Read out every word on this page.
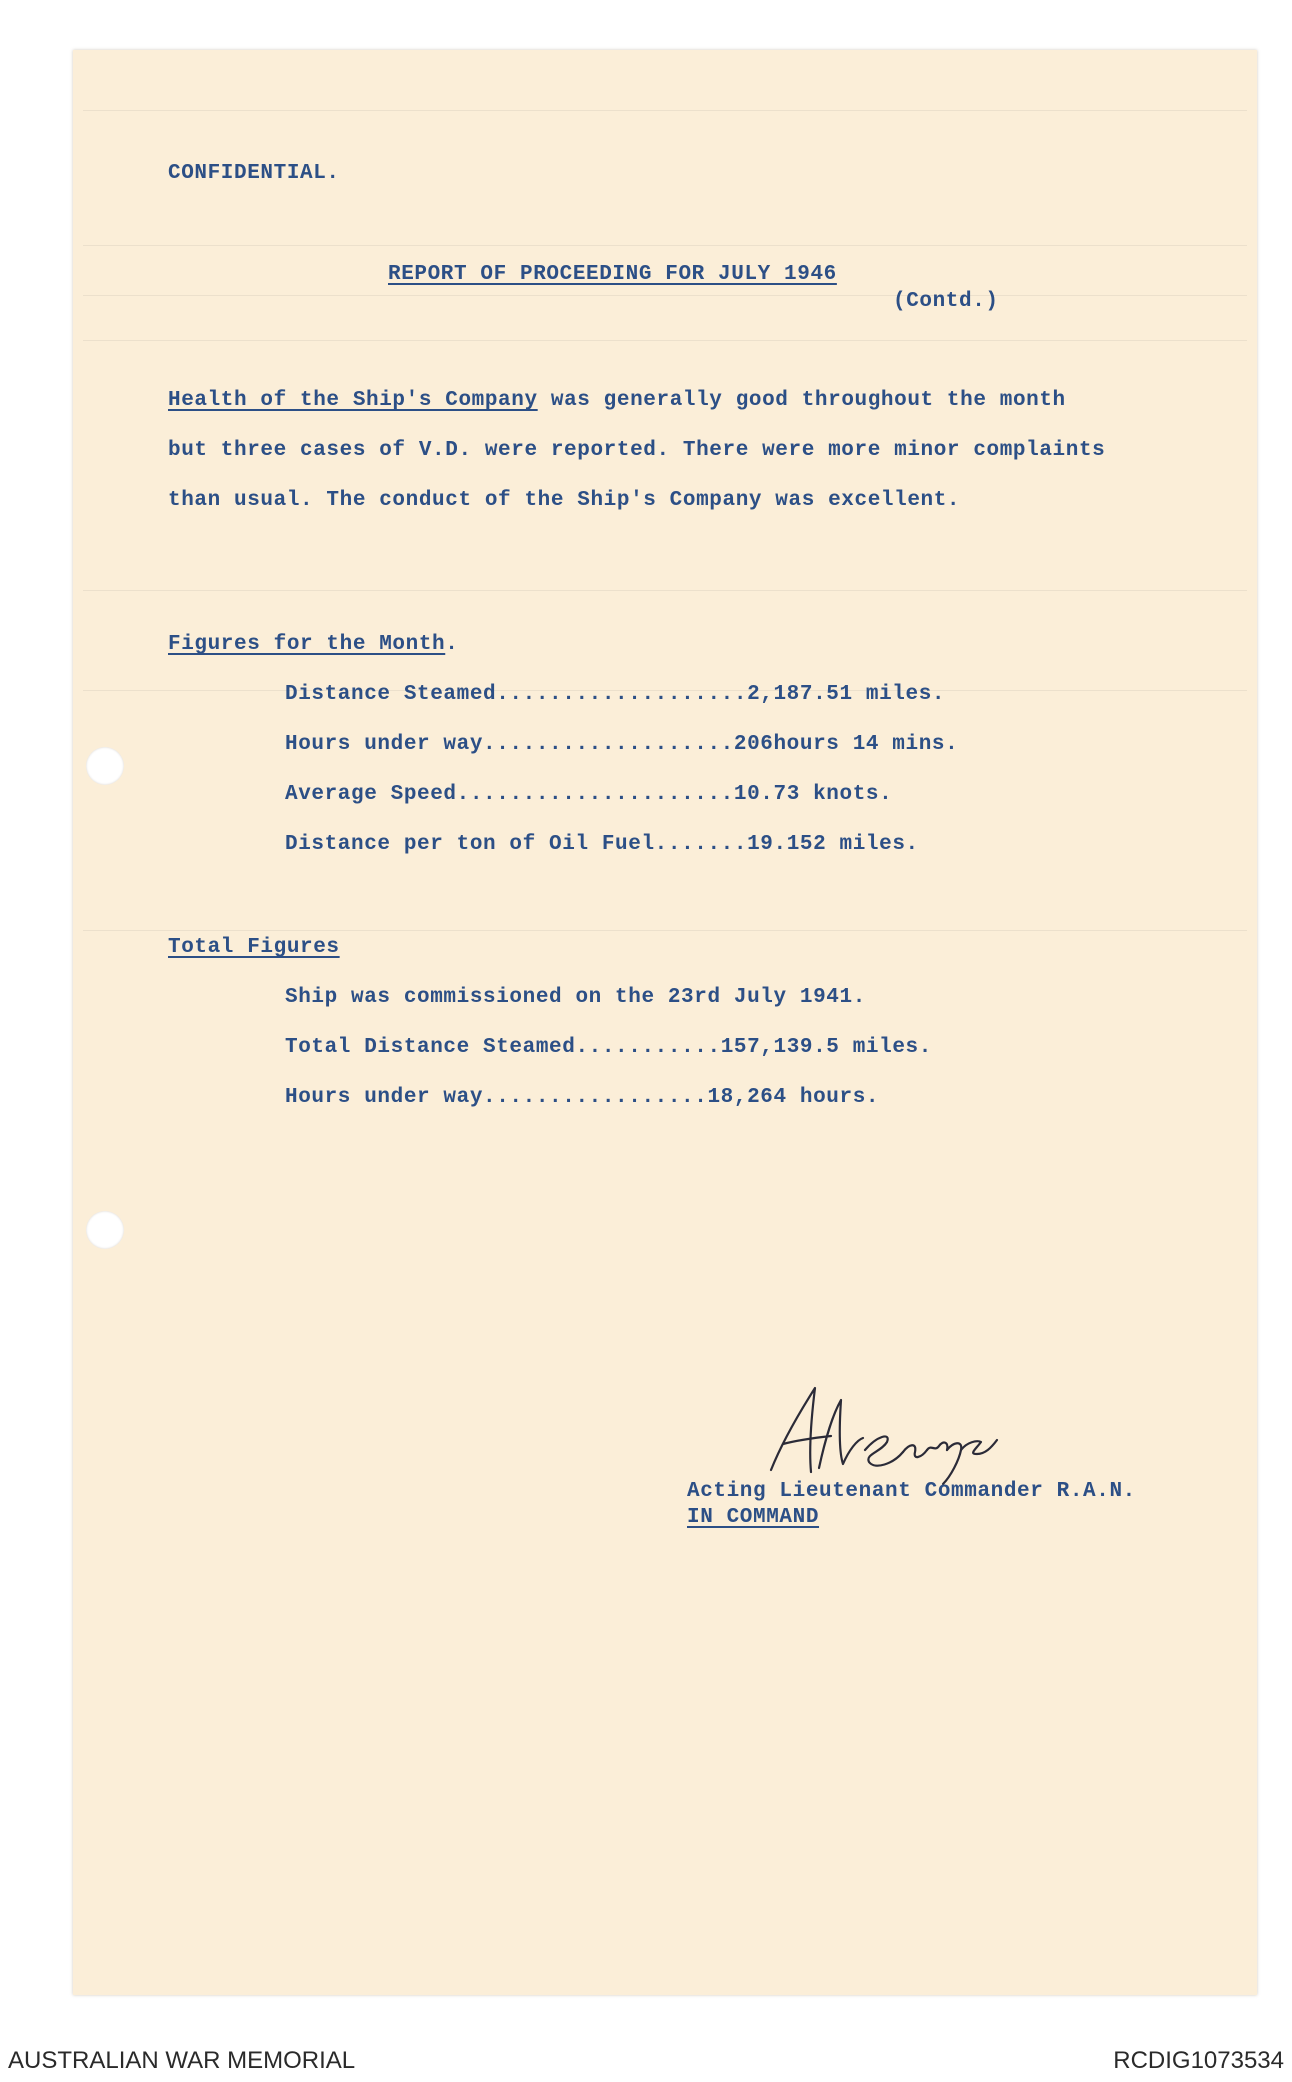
CONFIDENTIAL.

REPORT OF PROCEEDING FOR JULY 1946

(Contd.)

Health of the Ship's Company was generally good throughout the month but three cases of V.D. were reported. There were more minor complaints than usual. The conduct of the Ship's Company was excellent.

Figures for the Month.

Distance Steamed ................... 2,187.51 miles.
Hours under way ................... 206hours 14 mins.
Average Speed ..................... 10.73 knots.
Distance per ton of Oil Fuel ....... 19.152 miles.

Total Figures

Ship was commissioned on the 23rd July 1941.

Total Distance Steamed ........... 157,139.5 miles.
Hours under way ................. 18,264 hours.

Acting Lieutenant Commander R.A.N.

IN COMMAND

AUSTRALIAN WAR MEMORIAL	RCDIG1073534
